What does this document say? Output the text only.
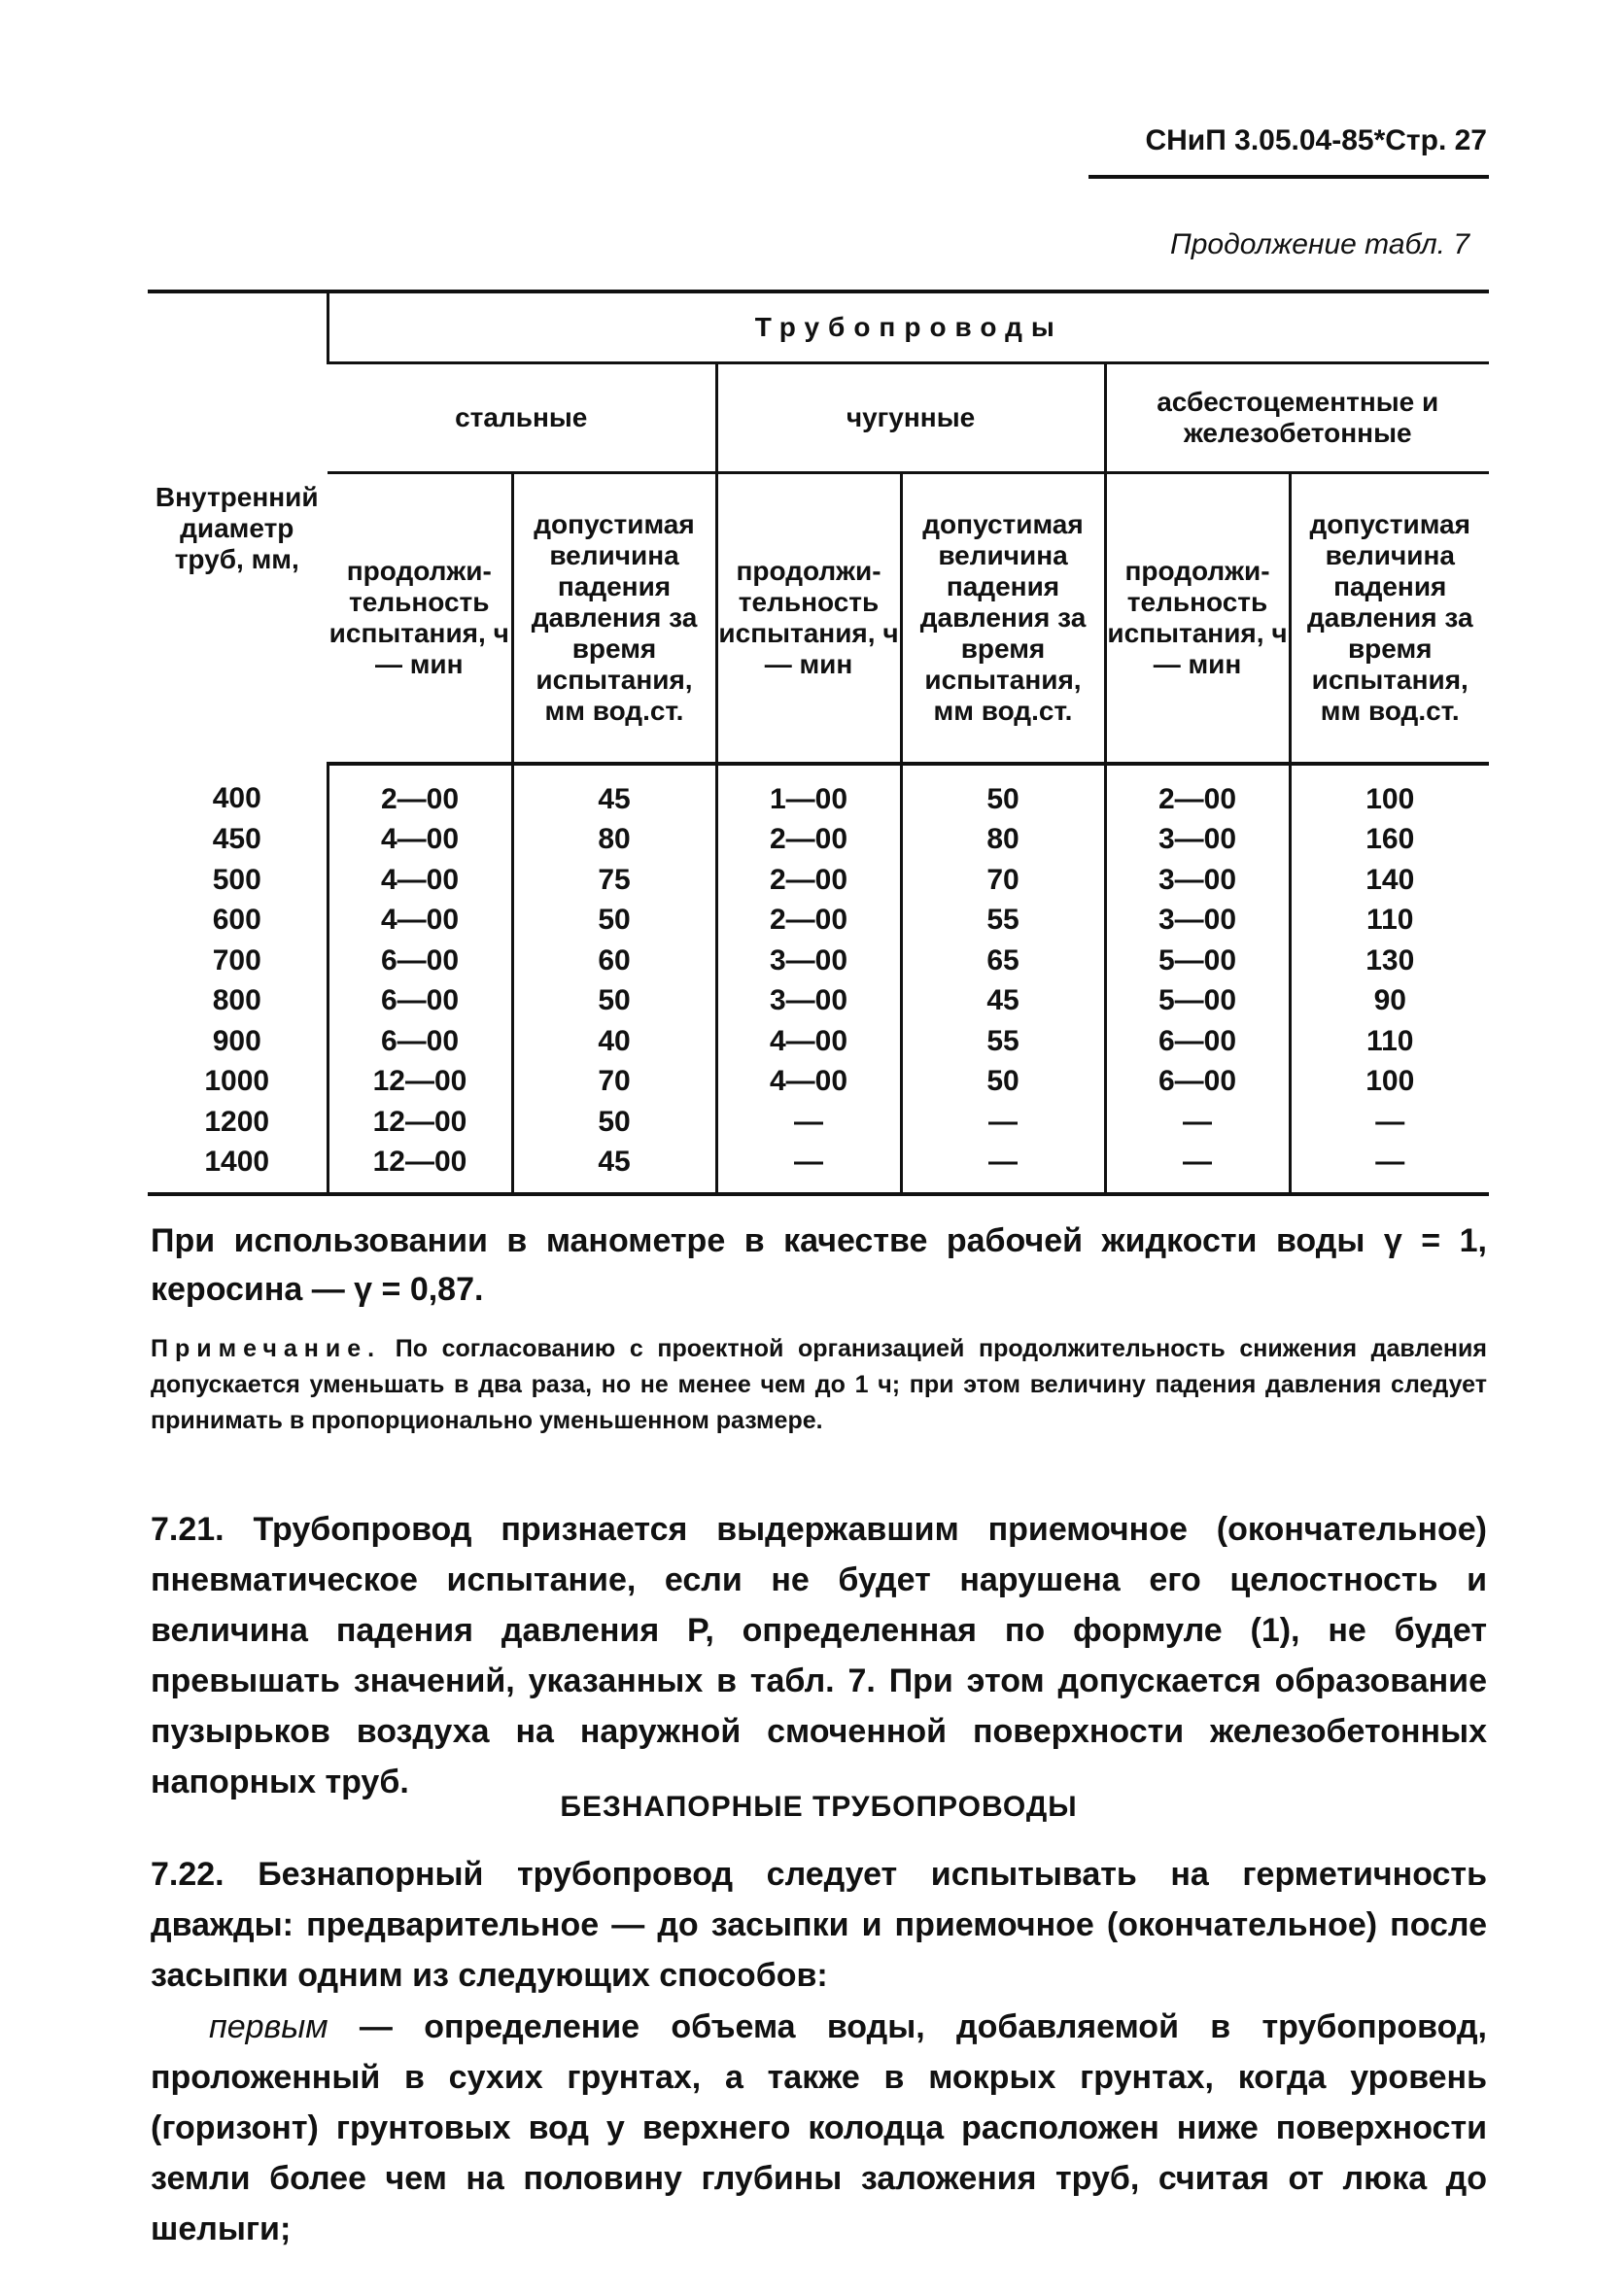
СНиП 3.05.04-85*Стр. 27
Продолжение табл. 7
Внутренний диаметр труб, мм,	Трубопроводы					
	стальные		чугунные		асбестоцементные и железобетонные	
	продолжительность испытания, ч — мин	допустимая величина падения давления за время испытания, мм вод.ст.	продолжительность испытания, ч — мин	допустимая величина падения давления за время испытания, мм вод.ст.	продолжительность испытания, ч — мин	допустимая величина падения давления за время испытания, мм вод.ст.
400	2—00	45	1—00	50	2—00	100
450	4—00	80	2—00	80	3—00	160
500	4—00	75	2—00	70	3—00	140
600	4—00	50	2—00	55	3—00	110
700	6—00	60	3—00	65	5—00	130
800	6—00	50	3—00	45	5—00	90
900	6—00	40	4—00	55	6—00	110
1000	12—00	70	4—00	50	6—00	100
1200	12—00	50	—	—	—	—
1400	12—00	45	—	—	—	—
При использовании в манометре в качестве рабочей жидкости воды γ = 1, керосина — γ = 0,87.
Примечание. По согласованию с проектной организацией продолжительность снижения давления допускается уменьшать в два раза, но не менее чем до 1 ч; при этом величину падения давления следует принимать в пропорционально уменьшенном размере.
7.21. Трубопровод признается выдержавшим приемочное (окончательное) пневматическое испытание, если не будет нарушена его целостность и величина падения давления P, определенная по формуле (1), не будет превышать значений, указанных в табл. 7. При этом допускается образование пузырьков воздуха на наружной смоченной поверхности железобетонных напорных труб.
БЕЗНАПОРНЫЕ ТРУБОПРОВОДЫ
7.22. Безнапорный трубопровод следует испытывать на герметичность дважды: предварительное — до засыпки и приемочное (окончательное) после засыпки одним из следующих способов:
первым — определение объема воды, добавляемой в трубопровод, проложенный в сухих грунтах, а также в мокрых грунтах, когда уровень (горизонт) грунтовых вод у верхнего колодца расположен ниже поверхности земли более чем на половину глубины заложения труб, считая от люка до шелыги;
